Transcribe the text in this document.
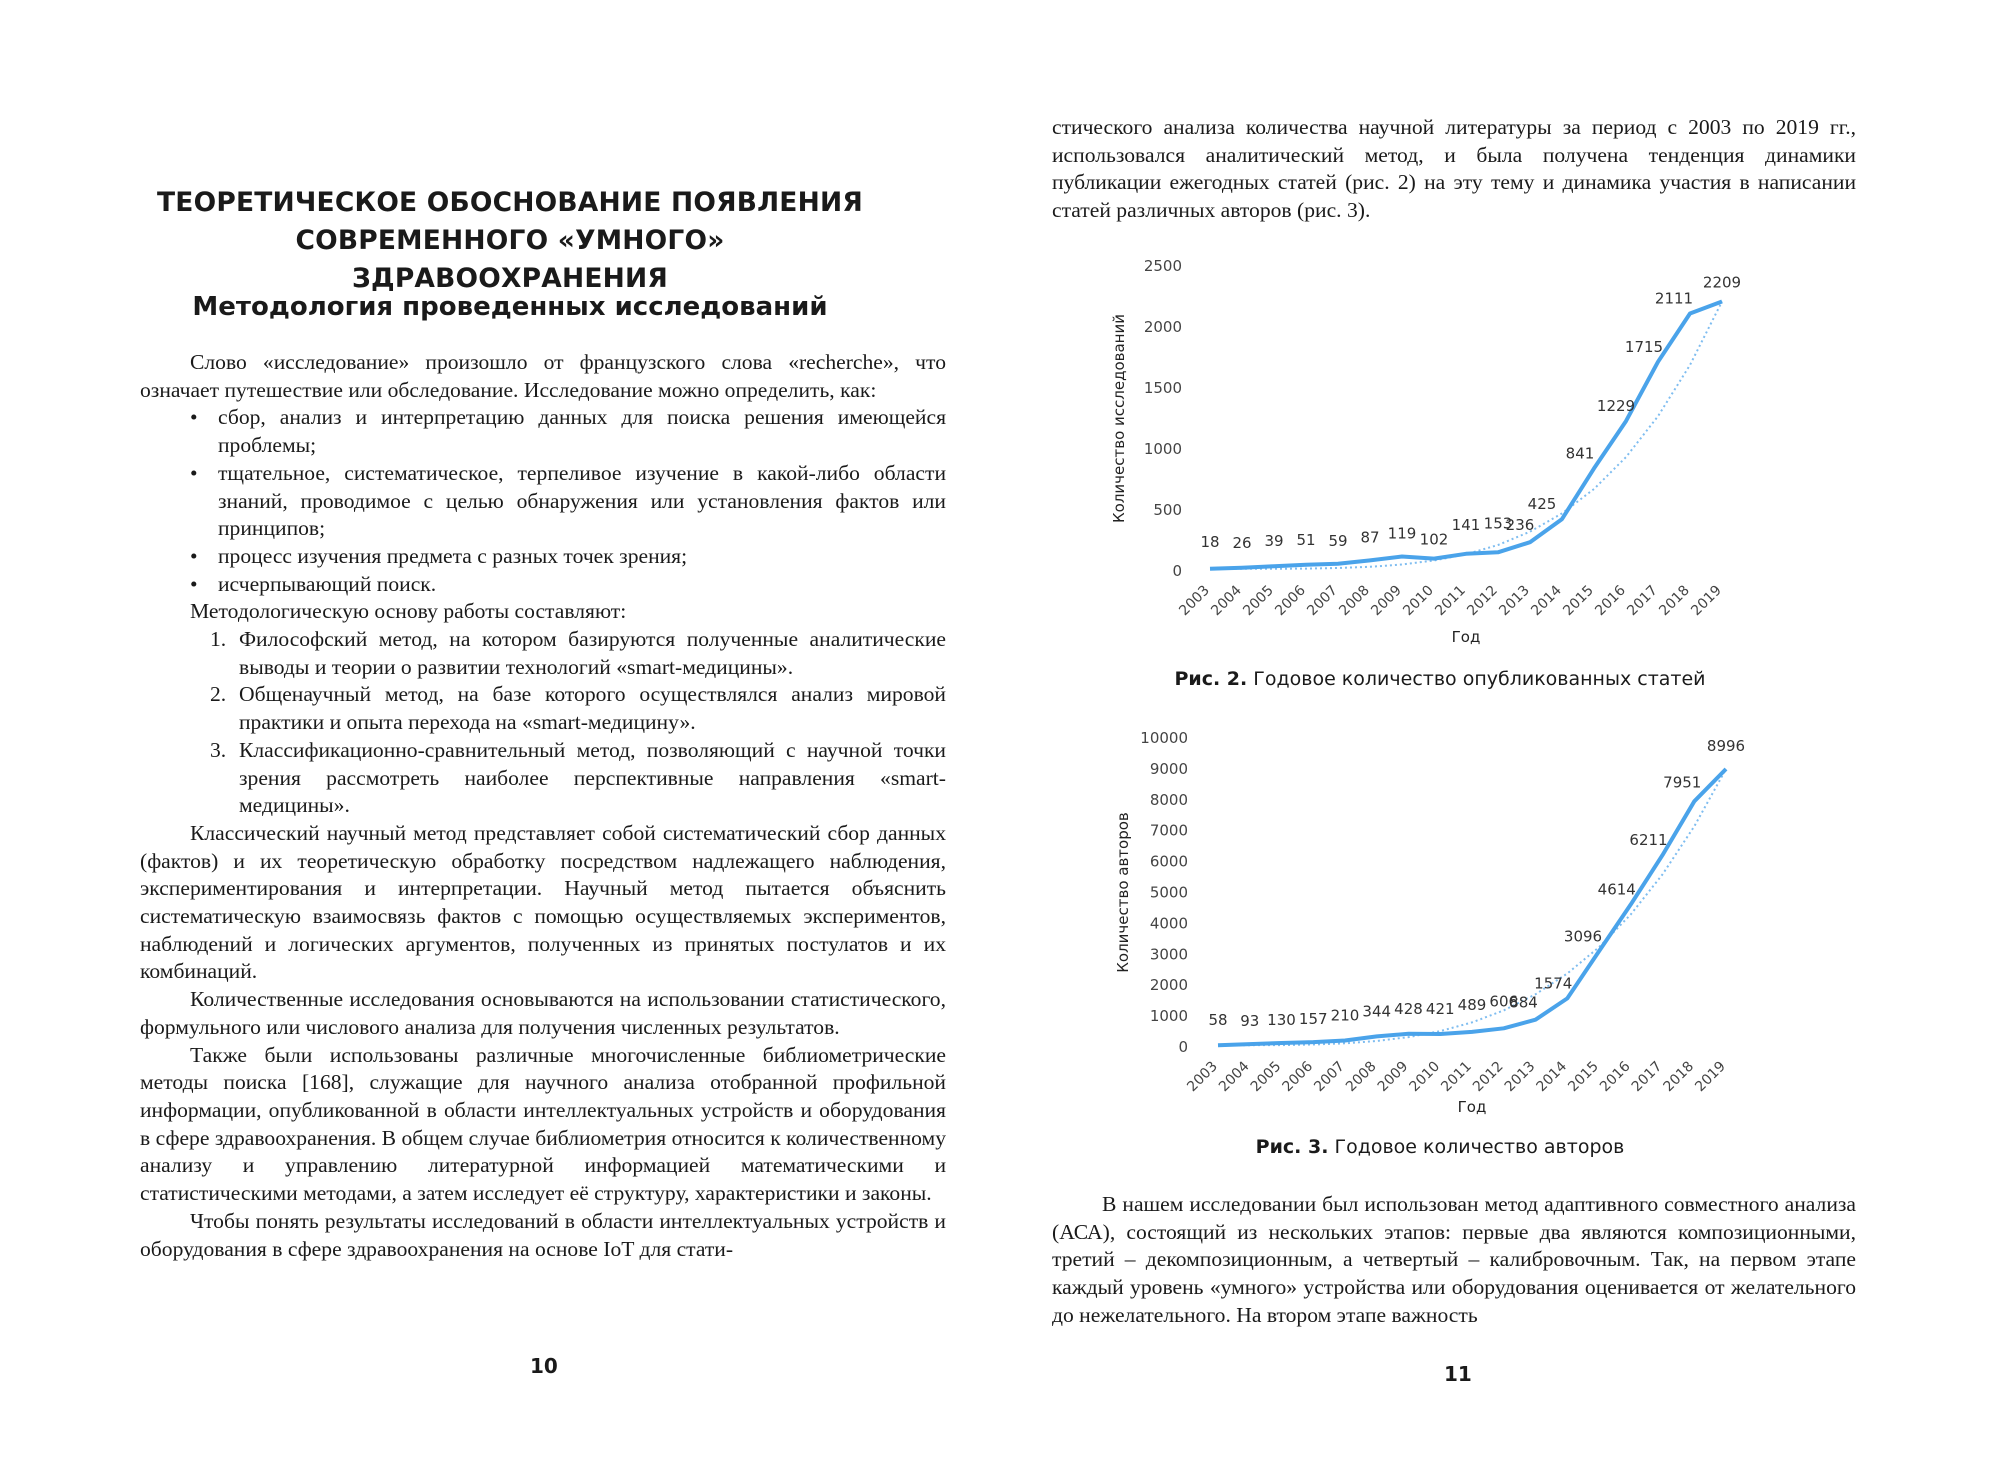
ТЕОРЕТИЧЕСКОЕ ОБОСНОВАНИЕ ПОЯВЛЕНИЯ
СОВРЕМЕННОГО «УМНОГО» ЗДРАВООХРАНЕНИЯ
Методология проведенных исследований

Слово «исследование» произошло от французского слова «recherche», что означает путешествие или обследование. Исследование можно определить, как:

• сбор, анализ и интерпретацию данных для поиска решения имеющейся проблемы;
• тщательное, систематическое, терпеливое изучение в какой-либо области знаний, проводимое с целью обнаружения или установления фактов или принципов;
• процесс изучения предмета с разных точек зрения;
• исчерпывающий поиск.

Методологическую основу работы составляют:

1. Философский метод, на котором базируются полученные аналитические выводы и теории о развитии технологий «smart-медицины».
2. Общенаучный метод, на базе которого осуществлялся анализ мировой практики и опыта перехода на «smart-медицину».
3. Классификационно-сравнительный метод, позволяющий с научной точки зрения рассмотреть наиболее перспективные направления «smart-медицины».

Классический научный метод представляет собой систематический сбор данных (фактов) и их теоретическую обработку посредством надлежащего наблюдения, экспериментирования и интерпретации. Научный метод пытается объяснить систематическую взаимосвязь фактов с помощью осуществляемых экспериментов, наблюдений и логических аргументов, полученных из принятых постулатов и их комбинаций.

Количественные исследования основываются на использовании статистического, формульного или числового анализа для получения численных результатов.

Также были использованы различные многочисленные библиометрические методы поиска [168], служащие для научного анализа отобранной профильной информации, опубликованной в области интеллектуальных устройств и оборудования в сфере здравоохранения. В общем случае библиометрия относится к количественному анализу и управлению литературной информацией математическими и статистическими методами, а затем исследует её структуру, характеристики и законы.

Чтобы понять результаты исследований в области интеллектуальных устройств и оборудования в сфере здравоохранения на основе IoT для стати-

10

стического анализа количества научной литературы за период с 2003 по 2019 гг., использовался аналитический метод, и была получена тенденция динамики публикации ежегодных статей (рис. 2) на эту тему и динамика участия в написании статей различных авторов (рис. 3).

0
500
1000
1500
2000
2500
Количество исследований
2003
2004
2005
2006
2007
2008
2009
2010
2011
2012
2013
2014
2015
2016
2017
2018
2019
Год
18 26 39 51 59 87 119 102
141 153
236
425
841
1229
1715
2111
2209
Рис. 2. Годовое количество опубликованных статей
0
1000
2000
3000
4000
5000
6000
7000
8000
9000
10000
Количество авторов
2003
2004
2005
2006
2007
2008
2009
2010
2011
2012
2013
2014
2015
2016
2017
2018
2019
Год
58 93 130 157 210 344 428 421 489 606
884
1574
3096
4614
6211
7951
8996
Рис. 3. Годовое количество авторов

В нашем исследовании был использован метод адаптивного совместного анализа (АСА), состоящий из нескольких этапов: первые два являются композиционными, третий – декомпозиционным, а четвертый – калибровочным. Так, на первом этапе каждый уровень «умного» устройства или оборудования оценивается от желательного до нежелательного. На втором этапе важность

11
